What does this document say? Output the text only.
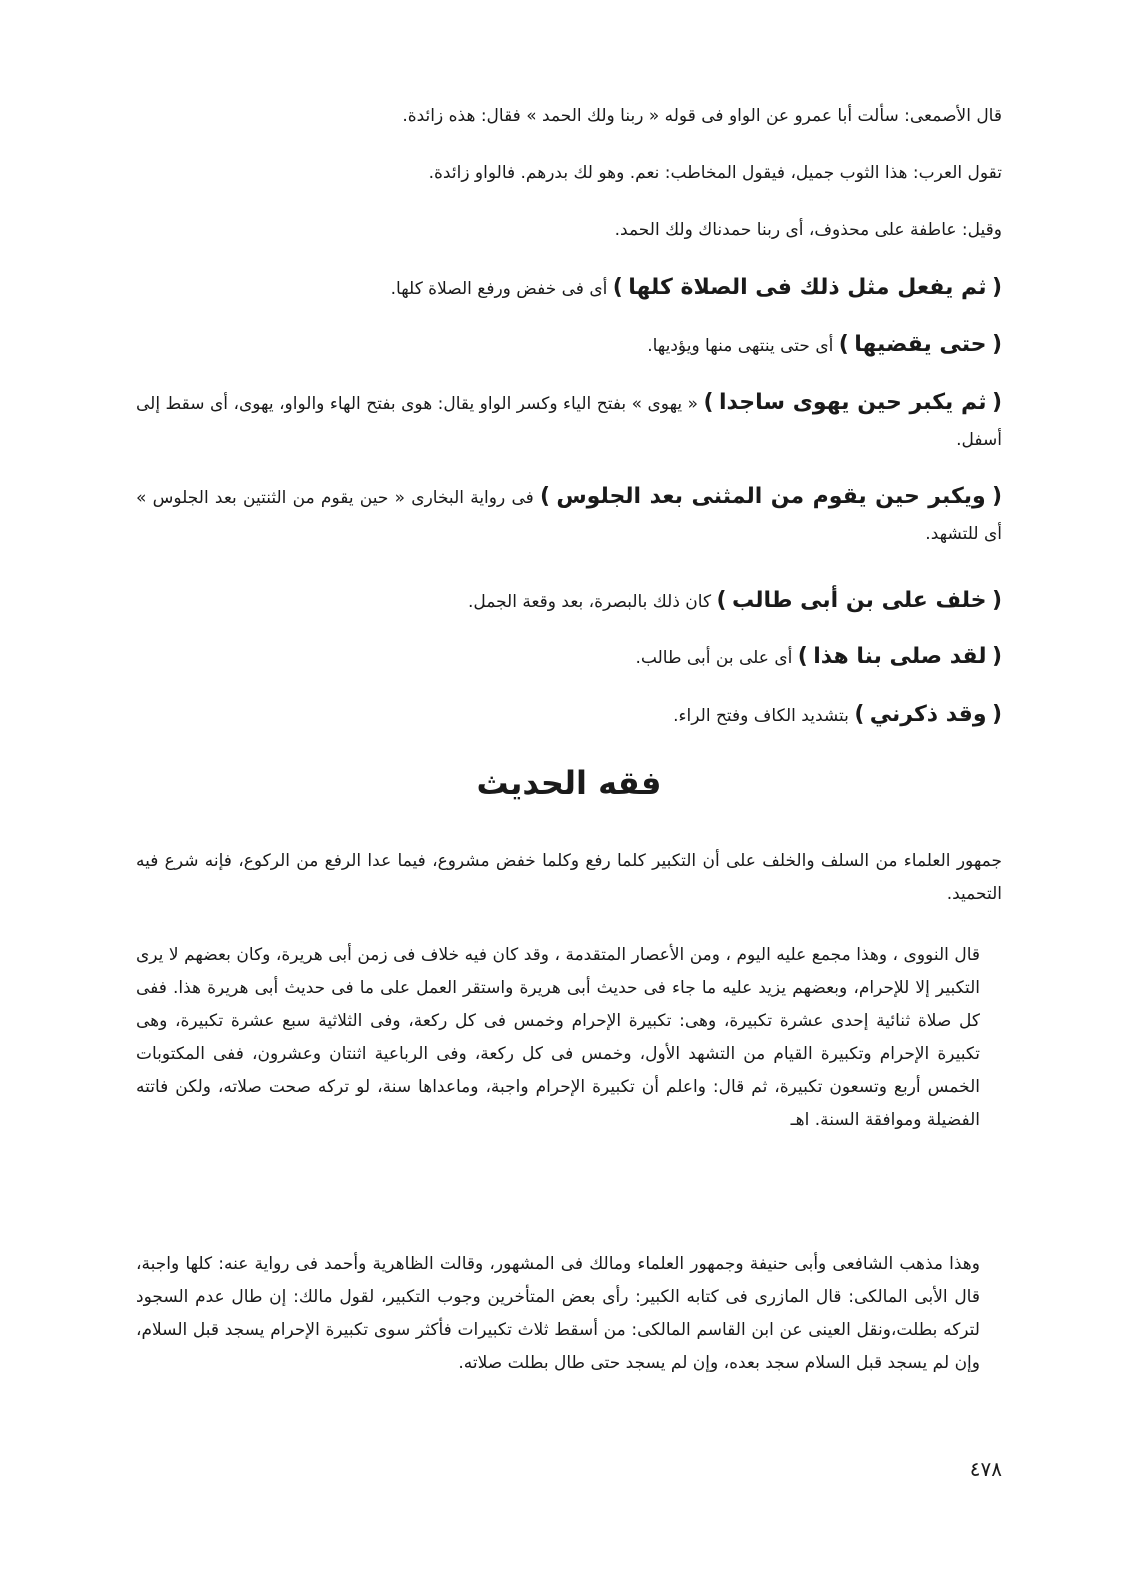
قال الأصمعى: سألت أبا عمرو عن الواو فى قوله « ربنا ولك الحمد » فقال: هذه زائدة.

تقول العرب: هذا الثوب جميل، فيقول المخاطب: نعم. وهو لك بدرهم. فالواو زائدة.

وقيل: عاطفة على محذوف، أى ربنا حمدناك ولك الحمد.

( ثم يفعل مثل ذلك فى الصلاة كلها ) أى فى خفض ورفع الصلاة كلها.

( حتى يقضيها ) أى حتى ينتهى منها ويؤديها.

( ثم يكبر حين يهوى ساجدا ) « يهوى » بفتح الياء وكسر الواو يقال: هوى بفتح الهاء والواو، يهوى، أى سقط إلى أسفل.

( ويكبر حين يقوم من المثنى بعد الجلوس ) فى رواية البخارى « حين يقوم من الثنتين بعد الجلوس » أى للتشهد.

( خلف على بن أبى طالب ) كان ذلك بالبصرة، بعد وقعة الجمل.

( لقد صلى بنا هذا ) أى على بن أبى طالب.

( وقد ذكرني ) بتشديد الكاف وفتح الراء.

فقه الحديث

جمهور العلماء من السلف والخلف على أن التكبير كلما رفع وكلما خفض مشروع، فيما عدا الرفع من الركوع، فإنه شرع فيه التحميد.

قال النووى ، وهذا مجمع عليه اليوم ، ومن الأعصار المتقدمة ، وقد كان فيه خلاف فى زمن أبى هريرة، وكان بعضهم لا يرى التكبير إلا للإحرام، وبعضهم يزيد عليه ما جاء فى حديث أبى هريرة واستقر العمل على ما فى حديث أبى هريرة هذا. ففى كل صلاة ثنائية إحدى عشرة تكبيرة، وهى: تكبيرة الإحرام وخمس فى كل ركعة، وفى الثلاثية سبع عشرة تكبيرة، وهى تكبيرة الإحرام وتكبيرة القيام من التشهد الأول، وخمس فى كل ركعة، وفى الرباعية اثنتان وعشرون، ففى المكتوبات الخمس أربع وتسعون تكبيرة، ثم قال: واعلم أن تكبيرة الإحرام واجبة، وماعداها سنة، لو تركه صحت صلاته، ولكن فاتته الفضيلة وموافقة السنة. اهـ

وهذا مذهب الشافعى وأبى حنيفة وجمهور العلماء ومالك فى المشهور، وقالت الظاهرية وأحمد فى رواية عنه: كلها واجبة، قال الأبى المالكى: قال المازرى فى كتابه الكبير: رأى بعض المتأخرين وجوب التكبير، لقول مالك: إن طال عدم السجود لتركه بطلت،ونقل العينى عن ابن القاسم المالكى: من أسقط ثلاث تكبيرات فأكثر سوى تكبيرة الإحرام يسجد قبل السلام، وإن لم يسجد قبل السلام سجد بعده، وإن لم يسجد حتى طال بطلت صلاته.

٤٧٨
